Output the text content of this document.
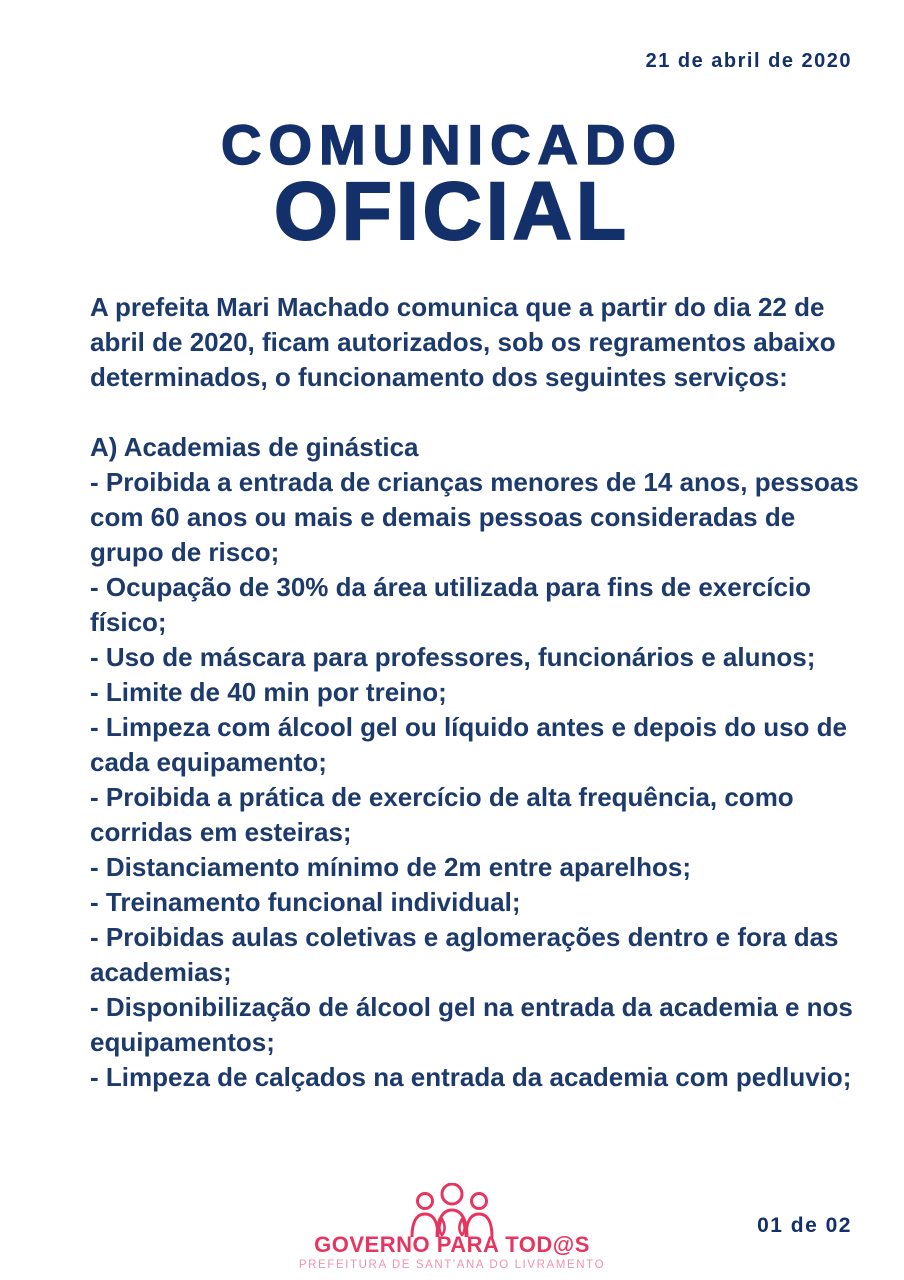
21 de abril de 2020
COMUNICADO
OFICIAL

A prefeita Mari Machado comunica que a partir do dia 22 de abril de 2020, ficam autorizados, sob os regramentos abaixo determinados, o funcionamento dos seguintes serviços:

A) Academias de ginástica
- Proibida a entrada de crianças menores de 14 anos, pessoas com 60 anos ou mais e demais pessoas consideradas de grupo de risco;
- Ocupação de 30% da área utilizada para fins de exercício físico;
- Uso de máscara para professores, funcionários e alunos;
- Limite de 40 min por treino;
- Limpeza com álcool gel ou líquido antes e depois do uso de cada equipamento;
- Proibida a prática de exercício de alta frequência, como corridas em esteiras;
- Distanciamento mínimo de 2m entre aparelhos;
- Treinamento funcional individual;
- Proibidas aulas coletivas e aglomerações dentro e fora das academias;
- Disponibilização de álcool gel na entrada da academia e nos equipamentos;
- Limpeza de calçados na entrada da academia com pedluvio;
GOVERNO PARA TOD@S
PREFEITURA DE SANT'ANA DO LIVRAMENTO
01 de 02
